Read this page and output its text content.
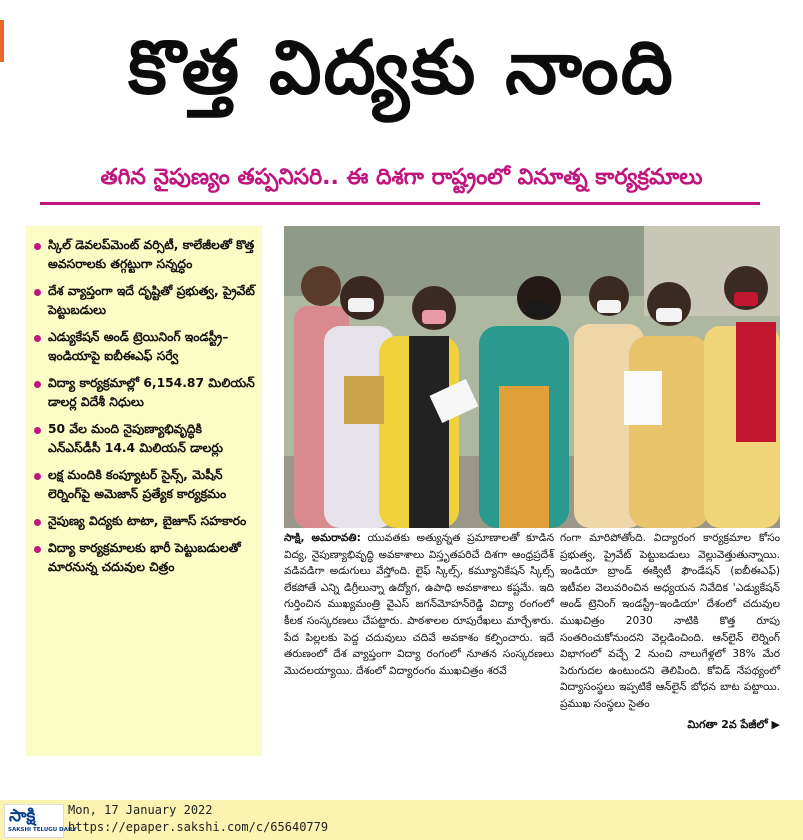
కొత్త విద్యకు నాంది
తగిన నైపుణ్యం తప్పనిసరి.. ఈ దిశగా రాష్ట్రంలో వినూత్న కార్యక్రమాలు
స్కిల్ డెవలప్‌మెంట్ వర్సిటీ, కాలేజీలతో కొత్త అవసరాలకు తగ్గట్టుగా సన్నద్ధం
దేశ వ్యాప్తంగా ఇదే దృష్టితో ప్రభుత్వ, ప్రైవేట్ పెట్టుబడులు
ఎడ్యుకేషన్ అండ్ ట్రెయినింగ్ ఇండస్ట్రీ–ఇండియాపై ఐబీఈఎఫ్ సర్వే
విద్యా కార్యక్రమాల్లో 6,154.87 మిలియన్ డాలర్ల విదేశీ నిధులు
50 వేల మంది నైపుణ్యాభివృద్ధికి ఎన్ఎస్‌డీసీ 14.4 మిలియన్ డాలర్లు
లక్ష మందికి కంప్యూటర్ సైన్స్, మెషీన్ లెర్నింగ్‌పై అమెజాన్ ప్రత్యేక కార్యక్రమం
నైపుణ్య విద్యకు టాటా, బైజూస్ సహకారం
విద్యా కార్యక్రమాలకు భారీ పెట్టుబడులతో మారనున్న చదువుల చిత్రం
సాక్షి, అమరావతి: యువతకు అత్యున్నత ప్రమాణాలతో కూడిన విద్య, నైపుణ్యాభివృద్ధి అవకాశాలు విస్తృతపరిచే దిశగా ఆంధ్రప్రదేశ్ వడివడిగా అడుగులు వేస్తోంది. లైఫ్ స్కిల్స్, కమ్యూనికేషన్ స్కిల్స్ లేకపోతే ఎన్ని డిగ్రీలున్నా ఉద్యోగ, ఉపాధి అవకాశాలు కష్టమే. ఇది గుర్తించిన ముఖ్యమంత్రి వైఎస్ జగన్‌మోహన్‌రెడ్డి విద్యా రంగంలో కీలక సంస్కరణలు చేపట్టారు. పాఠశాలల రూపురేఖలు మార్చేశారు. పేద పిల్లలకు పెద్ద చదువులు చదివే అవకాశం కల్పించారు. ఇదే తరుణంలో దేశ వ్యాప్తంగా విద్యా రంగంలో నూతన సంస్కరణలు మొదలయ్యాయి. దేశంలో విద్యారంగం ముఖచిత్రం శరవే
గంగా మారిపోతోంది. విద్యారంగ కార్యక్రమాల కోసం ప్రభుత్వ, ప్రైవేట్ పెట్టుబడులు వెల్లువెత్తుతున్నాయి. ఇండియా బ్రాండ్ ఈక్విటీ ఫౌండేషన్ (ఐబీఈఎఫ్) ఇటీవల వెలువరించిన అధ్యయన నివేదిక 'ఎడ్యుకేషన్ అండ్ ట్రెనింగ్ ఇండస్ట్రీ–ఇండియా' దేశంలో చదువుల ముఖచిత్రం 2030 నాటికి కొత్త రూపు సంతరించుకోనుందని వెల్లడించింది. ఆన్‌లైన్ లెర్నింగ్ విభాగంలో వచ్చే 2 నుంచి నాలుగేళ్లలో 38% మేర పెరుగుదల ఉంటుందని తెలిపింది. కోవిడ్ నేపథ్యంలో విద్యాసంస్థలు ఇప్పటికే ఆన్‌లైన్ బోధన బాట పట్టాయి. ప్రముఖ సంస్థలు సైతం
మిగతా 2వ పేజీలో ▶
సాక్షి
SAKSHI TELUGU DAILY
Mon, 17 January 2022
https://epaper.sakshi.com/c/65640779
